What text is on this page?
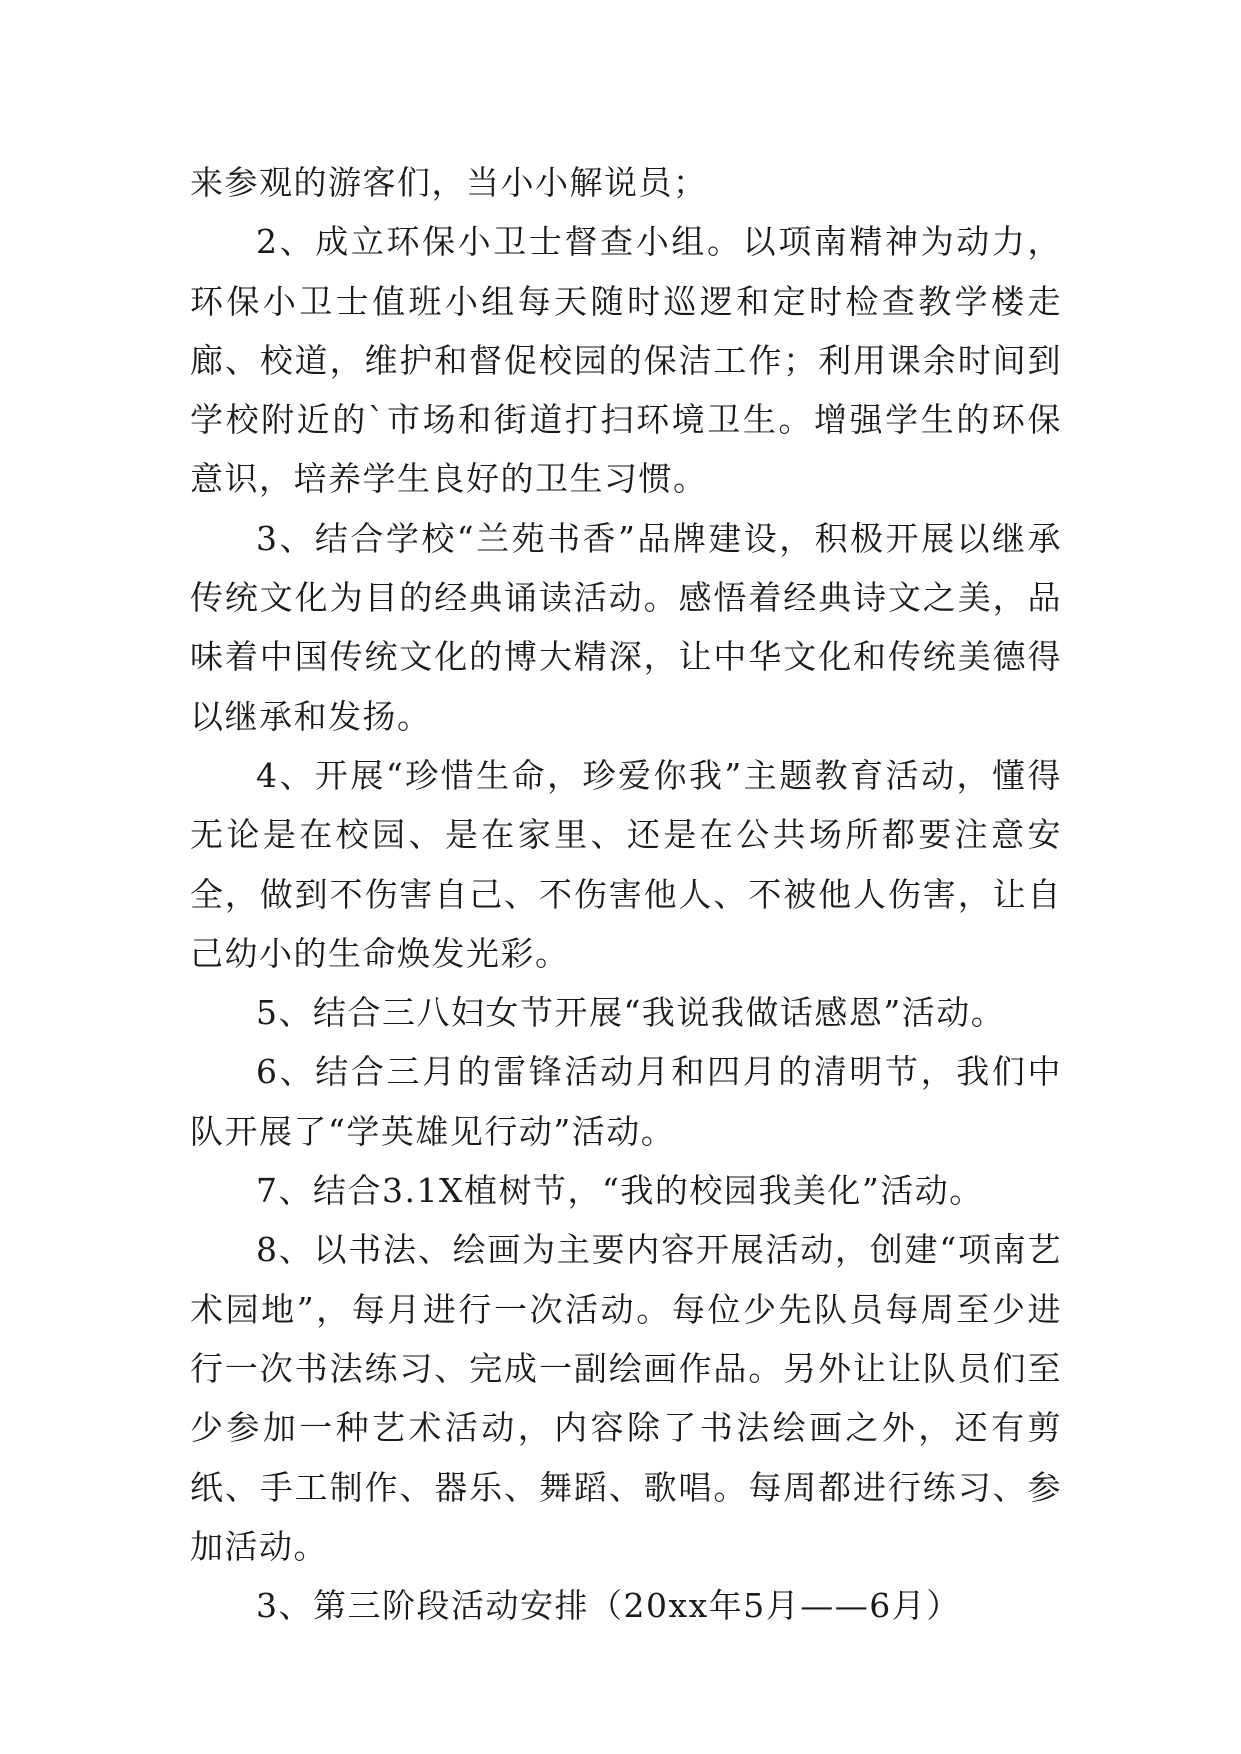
来参观的游客们，当小小解说员；

2、成立环保小卫士督查小组。以项南精神为动力，环保小卫士值班小组每天随时巡逻和定时检查教学楼走廊、校道，维护和督促校园的保洁工作；利用课余时间到学校附近的`市场和街道打扫环境卫生。增强学生的环保意识，培养学生良好的卫生习惯。

3、结合学校“兰苑书香”品牌建设，积极开展以继承传统文化为目的经典诵读活动。感悟着经典诗文之美，品味着中国传统文化的博大精深，让中华文化和传统美德得以继承和发扬。

4、开展“珍惜生命，珍爱你我”主题教育活动，懂得无论是在校园、是在家里、还是在公共场所都要注意安全，做到不伤害自己、不伤害他人、不被他人伤害，让自己幼小的生命焕发光彩。

5、结合三八妇女节开展“我说我做话感恩”活动。

6、结合三月的雷锋活动月和四月的清明节，我们中队开展了“学英雄见行动”活动。

7、结合3.1X植树节，“我的校园我美化”活动。

8、以书法、绘画为主要内容开展活动，创建“项南艺术园地”，每月进行一次活动。每位少先队员每周至少进行一次书法练习、完成一副绘画作品。另外让让队员们至少参加一种艺术活动，内容除了书法绘画之外，还有剪纸、手工制作、器乐、舞蹈、歌唱。每周都进行练习、参加活动。

3、第三阶段活动安排（20xx年5月——6月）
